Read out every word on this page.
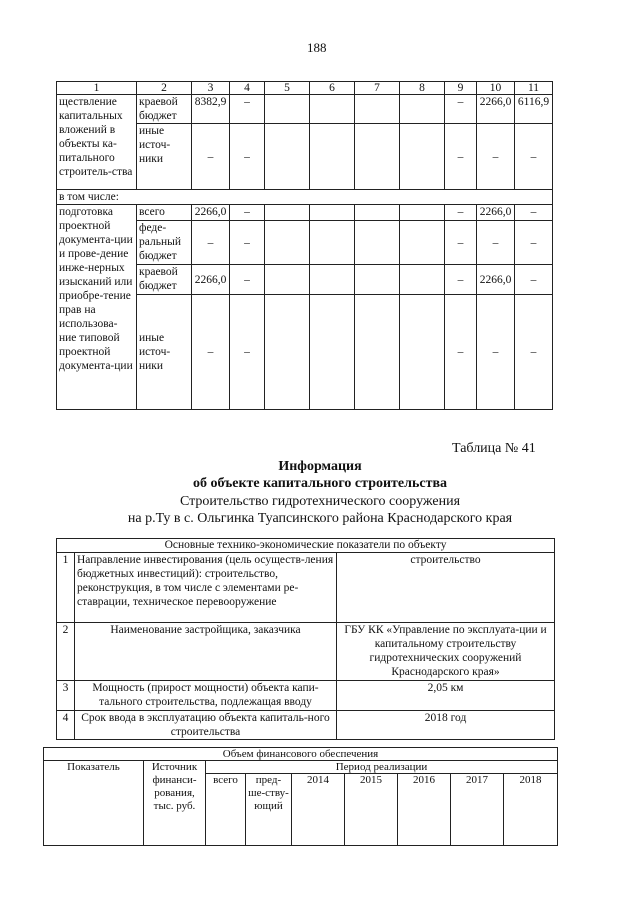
188
1	2	3	4	5	6	7	8	9	10	11
ществление капитальных вложений в объекты ка-питального строитель-ства	краевой бюджет	8382,9	–					–	2266,0	6116,9
	иные источ-ники	–	–					–	–	–
в том числе:										
подготовка проектной документа-ции и прове-дение инже-нерных изысканий или приобре-тение прав на использова-ние типовой проектной документа-ции	всего	2266,0	–					–	2266,0	–
	феде-ральный бюджет	–	–					–	–	–
	краевой бюджет	2266,0	–					–	2266,0	–
	иные источ-ники	–	–					–	–	–
Таблица № 41
Информация
об объекте капитального строительства
Строительство гидротехнического сооружения
на р.Ту в с. Ольгинка Туапсинского района Краснодарского края
Основные технико-экономические показатели по объекту		
1	Направление инвестирования (цель осуществ-ления бюджетных инвестиций): строительство, реконструкция, в том числе с элементами ре-ставрации, техническое перевооружение	строительство
2	Наименование застройщика, заказчика	ГБУ КК «Управление по эксплуата-ции и капитальному строительству гидротехнических сооружений Краснодарского края»
3	Мощность (прирост мощности) объекта капи-тального строительства, подлежащая вводу	2,05 км
4	Срок ввода в эксплуатацию объекта капиталь-ного строительства	2018 год
Объем финансового обеспечения								
Показатель	Источник финанси-рования, тыс. руб.	Период реализации						
		всего	пред-ше-ству-ющий	2014	2015	2016	2017	2018
